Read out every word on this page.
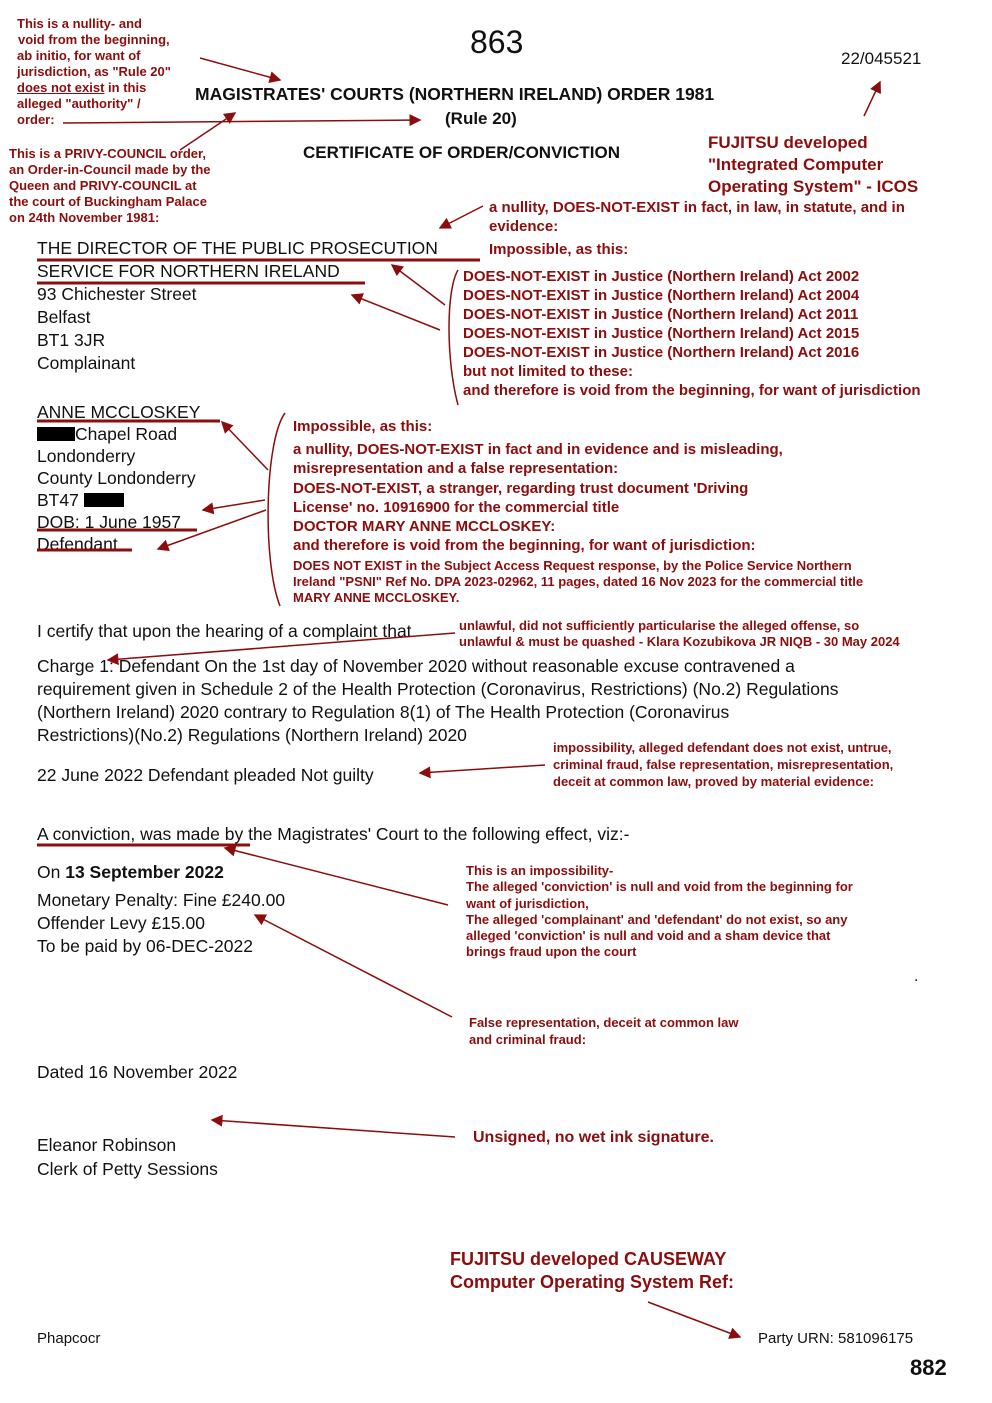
863	22/045521
MAGISTRATES' COURTS (NORTHERN IRELAND) ORDER 1981
(Rule 20)
CERTIFICATE OF ORDER/CONVICTION
This is a nullity- and
void from the beginning,
ab initio, for want of
jurisdiction, as "Rule 20"
does not exist in this
alleged "authority" /
order:
This is a PRIVY-COUNCIL order,
an Order-in-Council made by the
Queen and PRIVY-COUNCIL at
the court of Buckingham Palace
on 24th November 1981:
FUJITSU developed
"Integrated Computer
Operating System" - ICOS
a nullity, DOES-NOT-EXIST in fact, in law, in statute, and in
evidence:
Impossible, as this:
DOES-NOT-EXIST in Justice (Northern Ireland) Act 2002
DOES-NOT-EXIST in Justice (Northern Ireland) Act 2004
DOES-NOT-EXIST in Justice (Northern Ireland) Act 2011
DOES-NOT-EXIST in Justice (Northern Ireland) Act 2015
DOES-NOT-EXIST in Justice (Northern Ireland) Act 2016
but not limited to these:
and therefore is void from the beginning, for want of jurisdiction
THE DIRECTOR OF THE PUBLIC PROSECUTION
SERVICE FOR NORTHERN IRELAND
93 Chichester Street
Belfast
BT1 3JR
Complainant
ANNE MCCLOSKEY
Chapel Road
Londonderry
County Londonderry
BT47
DOB: 1 June 1957
Defendant
Impossible, as this:
a nullity, DOES-NOT-EXIST in fact and in evidence and is misleading,
misrepresentation and a false representation:
DOES-NOT-EXIST, a stranger, regarding trust document 'Driving
License' no. 10916900 for the commercial title
DOCTOR MARY ANNE MCCLOSKEY:
and therefore is void from the beginning, for want of jurisdiction:
DOES NOT EXIST in the Subject Access Request response, by the Police Service Northern
Ireland "PSNI" Ref No. DPA 2023-02962, 11 pages, dated 16 Nov 2023 for the commercial title
MARY ANNE MCCLOSKEY.
I certify that upon the hearing of a complaint that	unlawful, did not sufficiently particularise the alleged offense, so
unlawful & must be quashed - Klara Kozubikova JR NIQB - 30 May 2024
Charge 1: Defendant On the 1st day of November 2020 without reasonable excuse contravened a
requirement given in Schedule 2 of the Health Protection (Coronavirus, Restrictions) (No.2) Regulations
(Northern Ireland) 2020 contrary to Regulation 8(1) of The Health Protection (Coronavirus
Restrictions)(No.2) Regulations (Northern Ireland) 2020
22 June 2022 Defendant pleaded Not guilty
impossibility, alleged defendant does not exist, untrue,
criminal fraud, false representation, misrepresentation,
deceit at common law, proved by material evidence:
A conviction, was made by the Magistrates' Court to the following effect, viz:-
On 13 September 2022
Monetary Penalty: Fine £240.00
Offender Levy £15.00
To be paid by 06-DEC-2022
This is an impossibility-
The alleged 'conviction' is null and void from the beginning for
want of jurisdiction,
The alleged 'complainant' and 'defendant' do not exist, so any
alleged 'conviction' is null and void and a sham device that
brings fraud upon the court
.
False representation, deceit at common law
and criminal fraud:
Dated 16 November 2022
Eleanor Robinson
Clerk of Petty Sessions
Unsigned, no wet ink signature.
FUJITSU developed CAUSEWAY
Computer Operating System Ref:
Phapcocr	Party URN: 581096175
882
